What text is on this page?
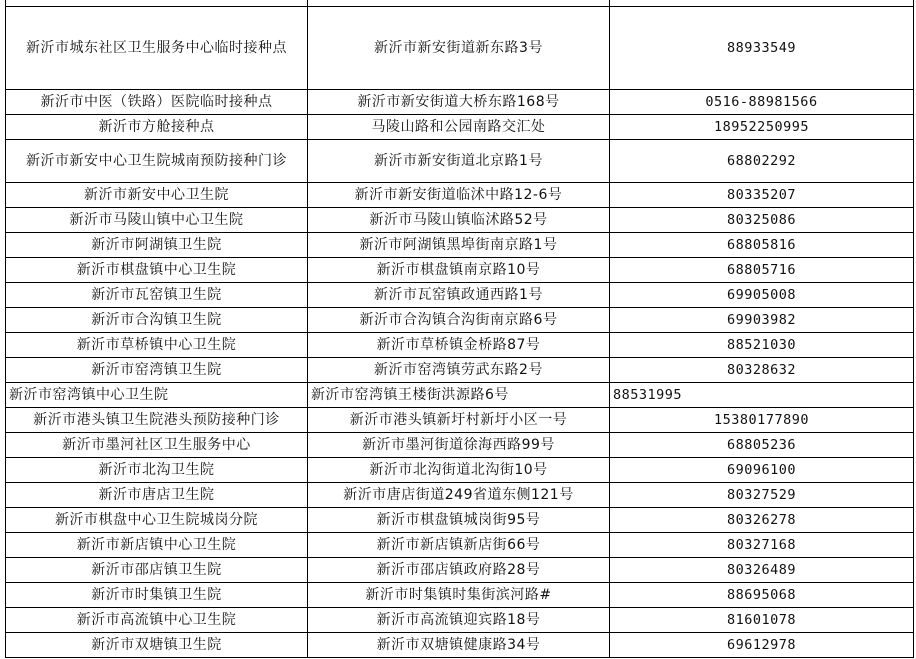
新沂市城东社区卫生服务中心临时接种点	新沂市新安街道新东路3号	88933549
新沂市中医（铁路）医院临时接种点	新沂市新安街道大桥东路168号	0516-88981566
新沂市方舱接种点	马陵山路和公园南路交汇处	18952250995
新沂市新安中心卫生院城南预防接种门诊	新沂市新安街道北京路1号	68802292
新沂市新安中心卫生院	新沂市新安街道临沭中路12-6号	80335207
新沂市马陵山镇中心卫生院	新沂市马陵山镇临沭路52号	80325086
新沂市阿湖镇卫生院	新沂市阿湖镇黑埠街南京路1号	68805816
新沂市棋盘镇中心卫生院	新沂市棋盘镇南京路10号	68805716
新沂市瓦窑镇卫生院	新沂市瓦窑镇政通西路1号	69905008
新沂市合沟镇卫生院	新沂市合沟镇合沟街南京路6号	69903982
新沂市草桥镇中心卫生院	新沂市草桥镇金桥路87号	88521030
新沂市窑湾镇卫生院	新沂市窑湾镇劳武东路2号	80328632
新沂市窑湾镇中心卫生院	新沂市窑湾镇王楼街洪源路6号	88531995
新沂市港头镇卫生院港头预防接种门诊	新沂市港头镇新圩村新圩小区一号	15380177890
新沂市墨河社区卫生服务中心	新沂市墨河街道徐海西路99号	68805236
新沂市北沟卫生院	新沂市北沟街道北沟街10号	69096100
新沂市唐店卫生院	新沂市唐店街道249省道东侧121号	80327529
新沂市棋盘中心卫生院城岗分院	新沂市棋盘镇城岗街95号	80326278
新沂市新店镇中心卫生院	新沂市新店镇新店街66号	80327168
新沂市邵店镇卫生院	新沂市邵店镇政府路28号	80326489
新沂市时集镇卫生院	新沂市时集镇时集街滨河路#	88695068
新沂市高流镇中心卫生院	新沂市高流镇迎宾路18号	81601078
新沂市双塘镇卫生院	新沂市双塘镇健康路34号	69612978
